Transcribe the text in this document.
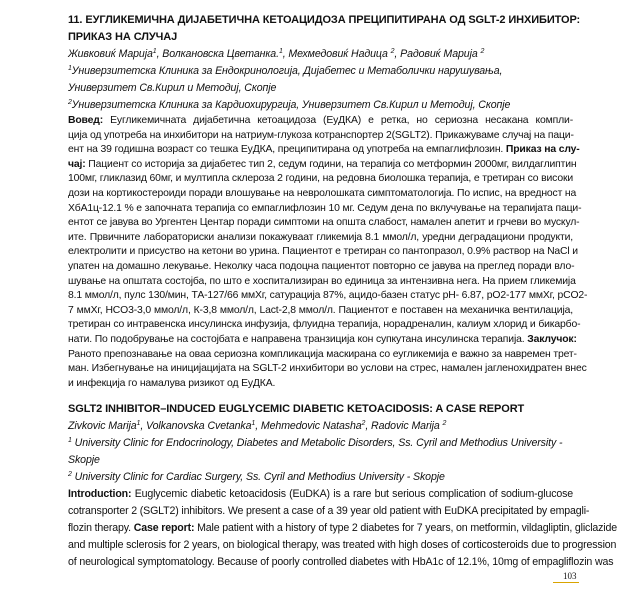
11. ЕУГЛИКЕМИЧНА ДИЈАБЕТИЧНА КЕТОАЦИДОЗА ПРЕЦИПИТИРАНА ОД SGLT-2 ИНХИБИТОР:
ПРИКАЗ НА СЛУЧАЈ
Живковиќ Марија$^1$, Волкановска Цветанка.$^1$, Мехмедовиќ Надица $^2$, Радовиќ Марија $^2$
$^1$Универзитетска Клиника за Ендокринологија, Дијабетес и Метаболички нарушувања,
Универзитет Св.Кирил и Методиј, Скопје
$^2$Универзитетска Клиника за Кардиохирургија, Универзитет Св.Кирил и Методиј, Скопје
Вовед: Еугликемичната дијабетична кетоацидоза (ЕуДКА) е ретка, но сериозна несакана компли-
ција од употреба на инхибитори на натриум-глукоза котранспортер 2(SGLT2). Прикажуваме случај на паци-
ент на 39 годишна возраст со тешка ЕуДКА, преципитирана од употреба на емпаглифлозин. Приказ на слу-
чај: Пациент со историја за дијабетес тип 2, седум години, на терапија со метформин 2000мг, вилдаглиптин
100мг, гликлазид 60мг, и мултипла склероза 2 години, на редовна биолошка терапија, е третиран со високи
дози на кортикостероиди поради влошување на невролошката симптоматологија. По испис, на вредност на
ХбА1ц-12.1 % е започната терапија со емпаглифлозин 10 мг. Седум дена по вклучување на терапијата паци-
ентот се јавува во Ургентен Центар поради симптоми на општа слабост, намален апетит и грчеви во мускул-
ите. Првичните лабораториски анализи покажуваат гликемија 8.1 ммол/л, уредни деградациони продукти,
електролити и присуство на кетони во урина. Пациентот е третиран со пантопразол, 0.9% раствор на NaCl и
упатен на домашно лекување. Неколку часа подоцна пациентот повторно се јавува на преглед поради вло-
шување на општата состојба, по што е хоспитализиран во единица за интензивна нега. На прием гликемија
8.1 ммол/л, пулс 130/мин, ТА-127/66 ммХг, сатурација 87%, ацидо-базен статус pH- 6.87, pO2-177 ммХг, pCO2-
7 ммХг, HCO3-3,0 ммол/л, К-3,8 ммол/л, Lact-2,8 ммол/л. Пациентот е поставен на механичка вентилација,
третиран со интравенска инсулинска инфузија, флуидна терапија, норадреналин, калиум хлорид и бикарбо-
нати. По подобрување на состојбата е направена транзиција кон супкутана инсулинска терапија. Заклучок:
Раното препознавање на оваа сериозна компликација маскирана со еугликемија е важно за навремен трет-
ман. Избегнување на иницијацијата на SGLT-2 инхибитори во услови на стрес, намален јагленохидратен внес
и инфекција го намалува ризикот од ЕуДКА.
SGLT2 INHIBITOR–INDUCED EUGLYCEMIC DIABETIC KETOACIDOSIS: A CASE REPORT
Zivkovic Marija$^1$, Volkanovska Cvetanka$^1$, Mehmedovic Natasha$^2$, Radovic Marija $^2$
$^1$ University Clinic for Endocrinology, Diabetes and Metabolic Disorders, Ss. Cyril and Methodius University -
Skopje
$^2$ University Clinic for Cardiac Surgery, Ss. Cyril and Methodius University - Skopje
Introduction: Euglycemic diabetic ketoacidosis (EuDKA) is a rare but serious complication of sodium-glucose
cotransporter 2 (SGLT2) inhibitors. We present a case of a 39 year old patient with EuDKA precipitated by empagli-
flozin therapy. Case report: Male patient with a history of type 2 diabetes for 7 years, on metformin, vildagliptin, gliclazide
and multiple sclerosis for 2 years, on biological therapy, was treated with high doses of corticosteroids due to progression
of neurological symptomatology. Because of poorly controlled diabetes with HbA1c of 12.1%, 10mg of empagliflozin was
103
